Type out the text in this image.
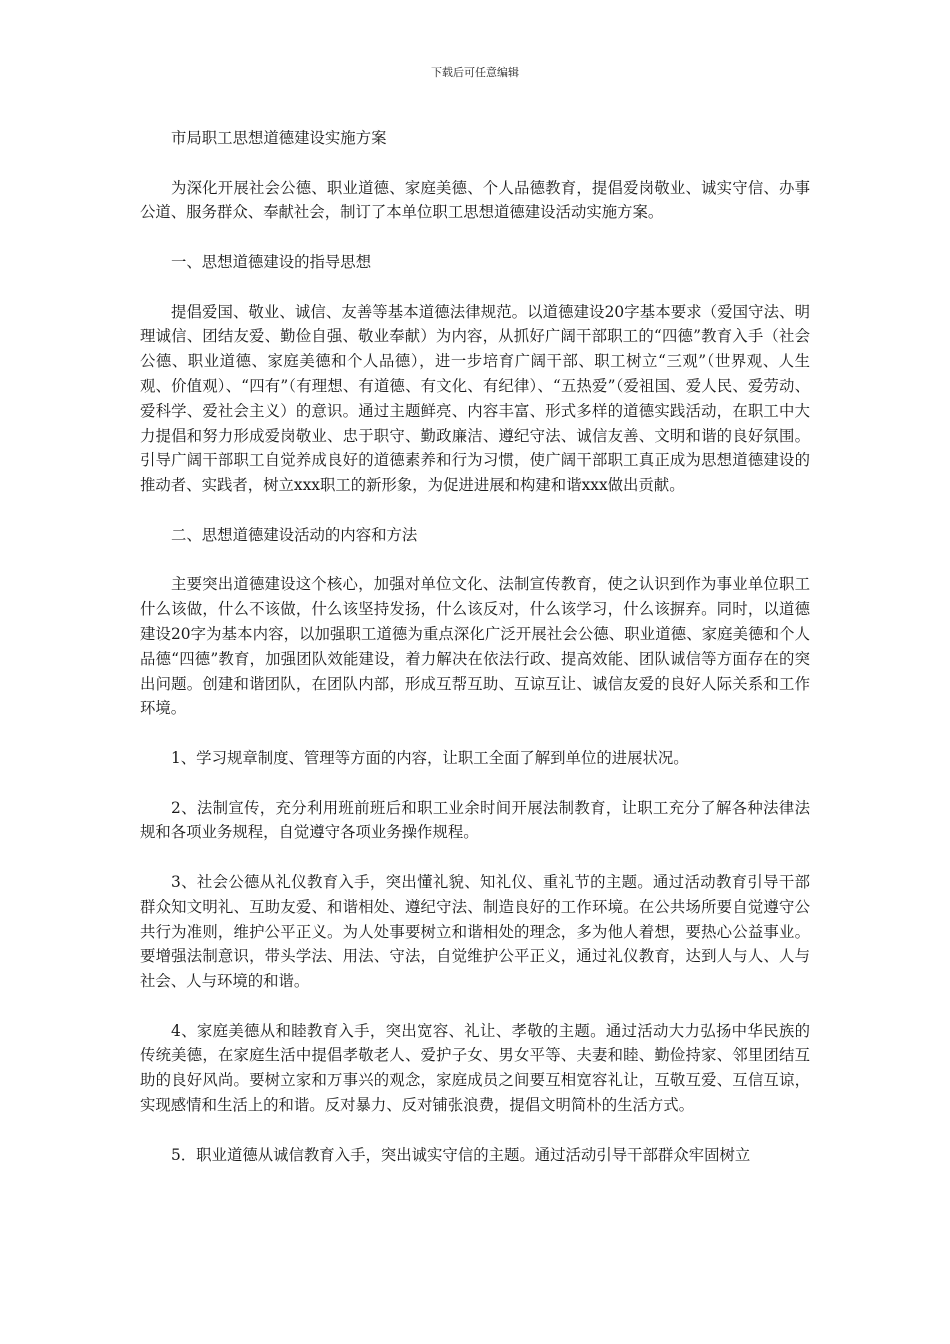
下载后可任意编辑
市局职工思想道德建设实施方案

为深化开展社会公德、职业道德、家庭美德、个人品德教育，提倡爱岗敬业、诚实守信、办事公道、服务群众、奉献社会，制订了本单位职工思想道德建设活动实施方案。

一、思想道德建设的指导思想

提倡爱国、敬业、诚信、友善等基本道德法律规范。以道德建设20字基本要求（爱国守法、明理诚信、团结友爱、勤俭自强、敬业奉献）为内容，从抓好广阔干部职工的“四德”教育入手（社会公德、职业道德、家庭美德和个人品德），进一步培育广阔干部、职工树立“三观”（世界观、人生观、价值观）、“四有”（有理想、有道德、有文化、有纪律）、“五热爱”（爱祖国、爱人民、爱劳动、爱科学、爱社会主义）的意识。通过主题鲜亮、内容丰富、形式多样的道德实践活动，在职工中大力提倡和努力形成爱岗敬业、忠于职守、勤政廉洁、遵纪守法、诚信友善、文明和谐的良好氛围。引导广阔干部职工自觉养成良好的道德素养和行为习惯，使广阔干部职工真正成为思想道德建设的推动者、实践者，树立xxx职工的新形象，为促进进展和构建和谐xxx做出贡献。

二、思想道德建设活动的内容和方法

主要突出道德建设这个核心，加强对单位文化、法制宣传教育，使之认识到作为事业单位职工什么该做，什么不该做，什么该坚持发扬，什么该反对，什么该学习，什么该摒弃。同时，以道德建设20字为基本内容，以加强职工道德为重点深化广泛开展社会公德、职业道德、家庭美德和个人品德“四德”教育，加强团队效能建设，着力解决在依法行政、提高效能、团队诚信等方面存在的突出问题。创建和谐团队，在团队内部，形成互帮互助、互谅互让、诚信友爱的良好人际关系和工作环境。

1、学习规章制度、管理等方面的内容，让职工全面了解到单位的进展状况。

2、法制宣传，充分利用班前班后和职工业余时间开展法制教育，让职工充分了解各种法律法规和各项业务规程，自觉遵守各项业务操作规程。

3、社会公德从礼仪教育入手，突出懂礼貌、知礼仪、重礼节的主题。通过活动教育引导干部群众知文明礼、互助友爱、和谐相处、遵纪守法、制造良好的工作环境。在公共场所要自觉遵守公共行为准则，维护公平正义。为人处事要树立和谐相处的理念，多为他人着想，要热心公益事业。要增强法制意识，带头学法、用法、守法，自觉维护公平正义，通过礼仪教育，达到人与人、人与社会、人与环境的和谐。

4、家庭美德从和睦教育入手，突出宽容、礼让、孝敬的主题。通过活动大力弘扬中华民族的传统美德，在家庭生活中提倡孝敬老人、爱护子女、男女平等、夫妻和睦、勤俭持家、邻里团结互助的良好风尚。要树立家和万事兴的观念，家庭成员之间要互相宽容礼让，互敬互爱、互信互谅，实现感情和生活上的和谐。反对暴力、反对铺张浪费，提倡文明简朴的生活方式。

5．职业道德从诚信教育入手，突出诚实守信的主题。通过活动引导干部群众牢固树立
